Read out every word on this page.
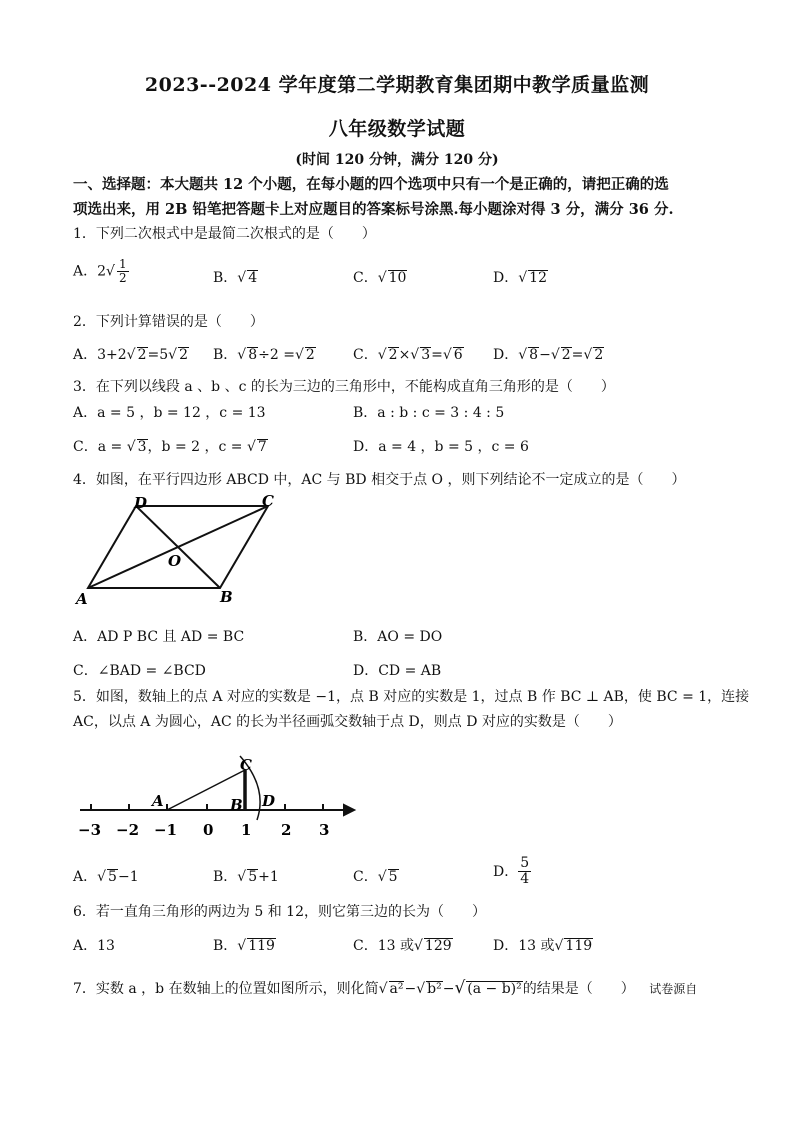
2023--2024 学年度第二学期教育集团期中教学质量监测
八年级数学试题
(时间 120 分钟，满分 120 分)
一、选择题：本大题共 12 个小题，在每小题的四个选项中只有一个是正确的，请把正确的选
项选出来，用 2B 铅笔把答题卡上对应题目的答案标号涂黑.每小题涂对得 3 分，满分 36 分.
1．下列二次根式中是最简二次根式的是（　　）
A．$2√ \frac{1}{2}$	B．√ 4	C．√ 10	D．√ 12
2．下列计算错误的是（　　）
A．3+2√ 2=5√ 2 B．√ 8÷2 =√ 2	C．√ 2×√ 3=√ 6 D．√ 8−√ 2=√ 2
3．在下列以线段 a 、b 、c 的长为三边的三角形中，不能构成直角三角形的是（　　）
A．a = 5 ，b = 12 ，c = 13	B．a : b : c = 3 : 4 : 5
C．a = √ 3，b = 2 ，c = √ 7	D．a = 4 ，b = 5 ，c = 6
4．如图，在平行四边形 ABCD 中，AC 与 BD 相交于点 O ，则下列结论不一定成立的是（　　）
A	B
C
D
O
A．AD P BC 且 AD = BC	B．AO = DO
C．∠BAD = ∠BCD	D．CD = AB
5．如图，数轴上的点 A 对应的实数是 −1，点 B 对应的实数是 1，过点 B 作 BC ⊥ AB，使 BC = 1，连接
AC，以点 A 为圆心，AC 的长为半径画弧交数轴于点 D，则点 D 对应的实数是（　　）
−3 −2 −1 0 1 2 3
A	B
C
D
A．√ 5−1	B．√ 5+1	C．√ 5	D． $\frac{5}{4}$
6．若一直角三角形的两边为 5 和 12，则它第三边的长为（　　）
A．13	B．√ 119	C．13 或√ 129	D．13 或√ 119
7．实数 a ，b 在数轴上的位置如图所示，则化简√ a²−√ b²−√ (a − b)²的结果是（　　） 试卷源自
